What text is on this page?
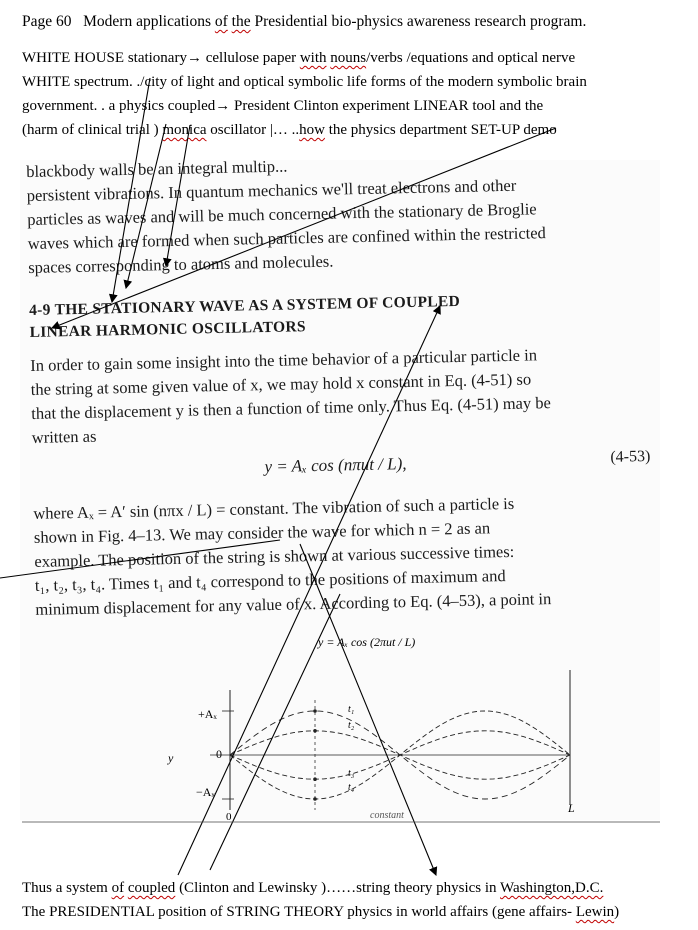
Page 60 Modern applications of the Presidential bio-physics awareness research program.
WHITE HOUSE stationary→ cellulose paper with nouns/verbs /equations and optical nerve
WHITE spectrum. ./city of light and optical symbolic life forms of the modern symbolic brain
government. . a physics coupled→ President Clinton experiment LINEAR tool and the
(harm of clinical trial ) monica oscillator |… ..how the physics department SET-UP demo
blackbody walls be an integral multip...
persistent vibrations. In quantum mechanics we'll treat electrons and other
particles as waves and will be much concerned with the stationary de Broglie
waves which are formed when such particles are confined within the restricted
spaces corresponding to atoms and molecules.
4-9 THE STATIONARY WAVE AS A SYSTEM OF COUPLED
LINEAR HARMONIC OSCILLATORS
In order to gain some insight into the time behavior of a particular particle in
the string at some given value of x, we may hold x constant in Eq. (4-51) so
that the displacement y is then a function of time only. Thus Eq. (4-51) may be
written as
y = Aₓ cos (nπut / L),	(4-53)
where Aₓ = A′ sin (nπx / L) = constant. The vibration of such a particle is
shown in Fig. 4–13. We may consider the wave for which n = 2 as an
example. The position of the string is shown at various successive times:
t₁, t₂, t₃, t₄. Times t₁ and t₄ correspond to the positions of maximum and
minimum displacement for any value of x. According to Eq. (4–53), a point in
y = Aₓ cos (2πut / L)
+Aₓ
0
−Aₓ
y
0
L
t₁
t₂
t₃
t₄
constant
Thus a system of coupled (Clinton and Lewinsky )……string theory physics in Washington,D.C.
The PRESIDENTIAL position of STRING THEORY physics in world affairs (gene affairs- Lewin)
